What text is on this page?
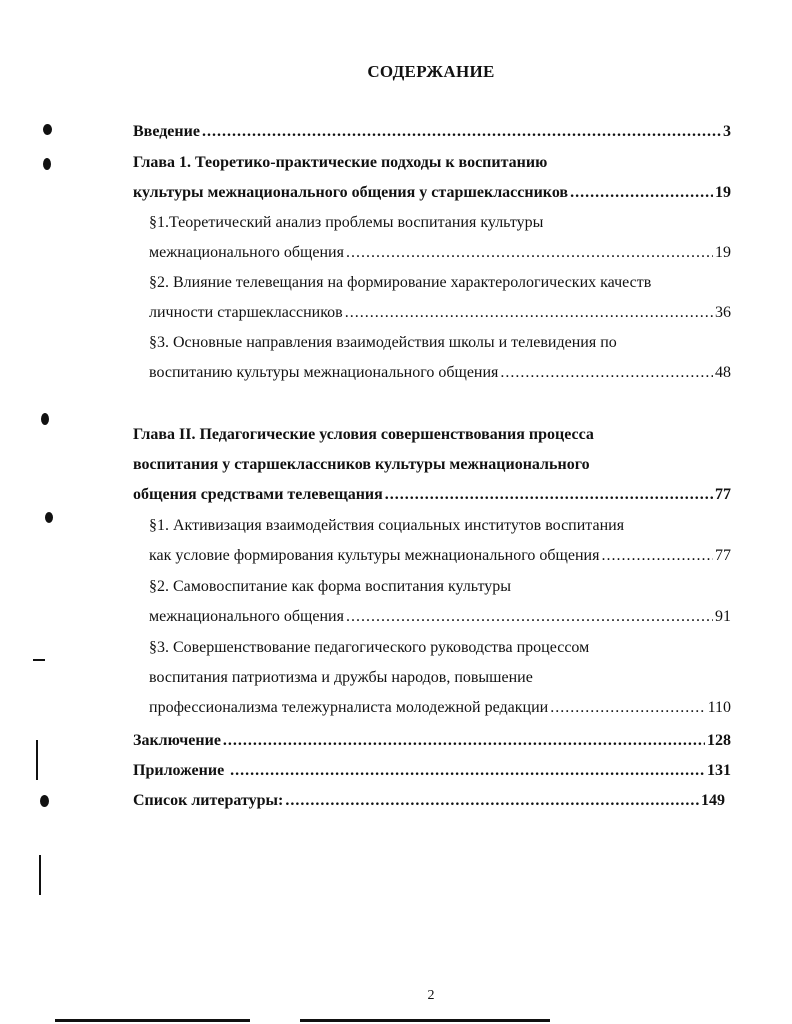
СОДЕРЖАНИЕ
Введение .....	3
Глава 1. Теоретико-практические подходы к воспитанию
культуры межнационального общения у старшеклассников .....	19
§1.Теоретический анализ проблемы воспитания культуры
межнационального общения .....	19
§2. Влияние телевещания на формирование характерологических качеств
личности старшеклассников .....	36
§3. Основные направления взаимодействия школы и телевидения по
воспитанию культуры межнационального общения .....	48
Глава II. Педагогические условия совершенствования процесса
воспитания у старшеклассников культуры межнационального
общения средствами телевещания .....	77
§1. Активизация взаимодействия социальных институтов воспитания
как условие формирования культуры межнационального общения .....	77
§2. Самовоспитание как форма воспитания культуры
межнационального общения .....	91
§3. Совершенствование педагогического руководства процессом
воспитания патриотизма и дружбы народов, повышение
профессионализма тележурналиста молодежной редакции .....	110
Заключение .....	128
Приложение .....	131
Список литературы: .....	149
2
